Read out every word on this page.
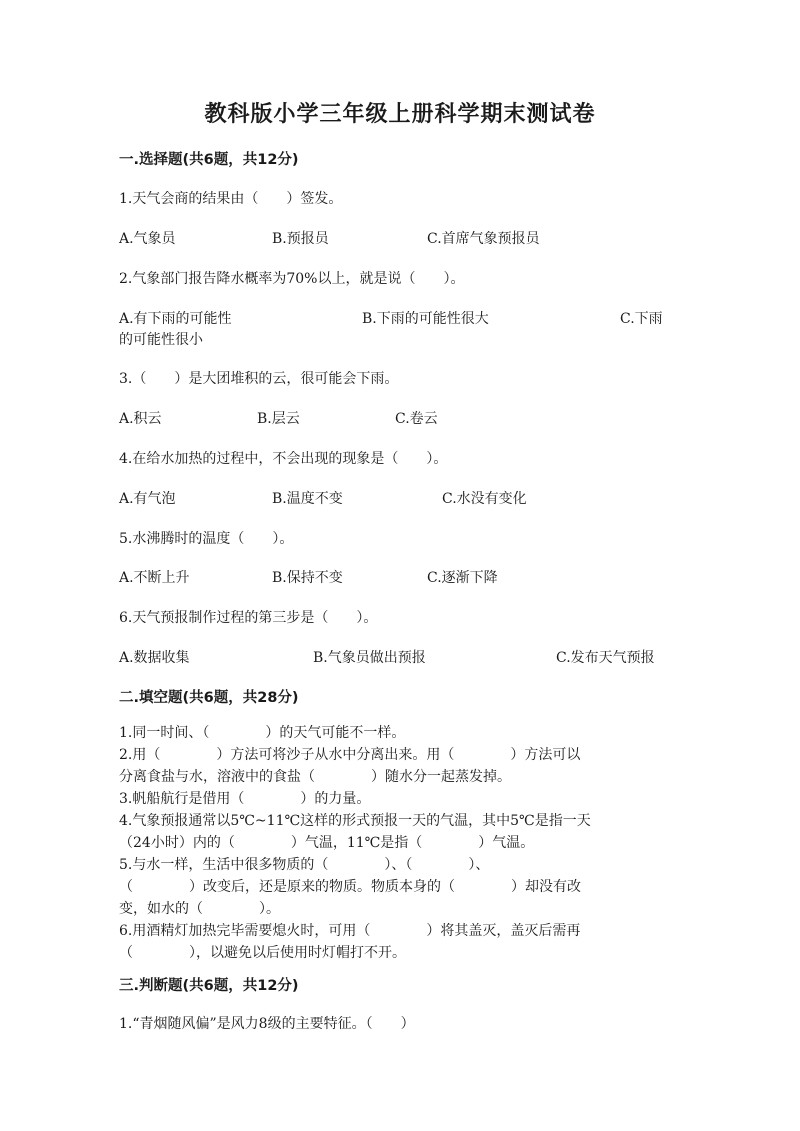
教科版小学三年级上册科学期末测试卷
一.选择题(共6题，共12分)
1.天气会商的结果由（　　）签发。
A.气象员	B.预报员	C.首席气象预报员
2.气象部门报告降水概率为70%以上，就是说（　　）。
A.有下雨的可能性	B.下雨的可能性很大	C.下雨
的可能性很小
3.（　　）是大团堆积的云，很可能会下雨。
A.积云	B.层云	C.卷云
4.在给水加热的过程中，不会出现的现象是（　　）。
A.有气泡	B.温度不变	C.水没有变化
5.水沸腾时的温度（　　）。
A.不断上升	B.保持不变	C.逐渐下降
6.天气预报制作过程的第三步是（　　）。
A.数据收集	B.气象员做出预报	C.发布天气预报
二.填空题(共6题，共28分)
1.同一时间、（　　　　）的天气可能不一样。
2.用（　　　　）方法可将沙子从水中分离出来。用（　　　　）方法可以
分离食盐与水，溶液中的食盐（　　　　）随水分一起蒸发掉。
3.帆船航行是借用（　　　　）的力量。
4.气象预报通常以5℃~11℃这样的形式预报一天的气温，其中5℃是指一天
（24小时）内的（　　　　）气温，11℃是指（　　　　）气温。
5.与水一样，生活中很多物质的（　　　　）、（　　　　）、
（　　　　）改变后，还是原来的物质。物质本身的（　　　　）却没有改
变，如水的（　　　　）。
6.用酒精灯加热完毕需要熄火时，可用（　　　　）将其盖灭，盖灭后需再
（　　　　），以避免以后使用时灯帽打不开。
三.判断题(共6题，共12分)
1.“青烟随风偏”是风力8级的主要特征。（　　）
